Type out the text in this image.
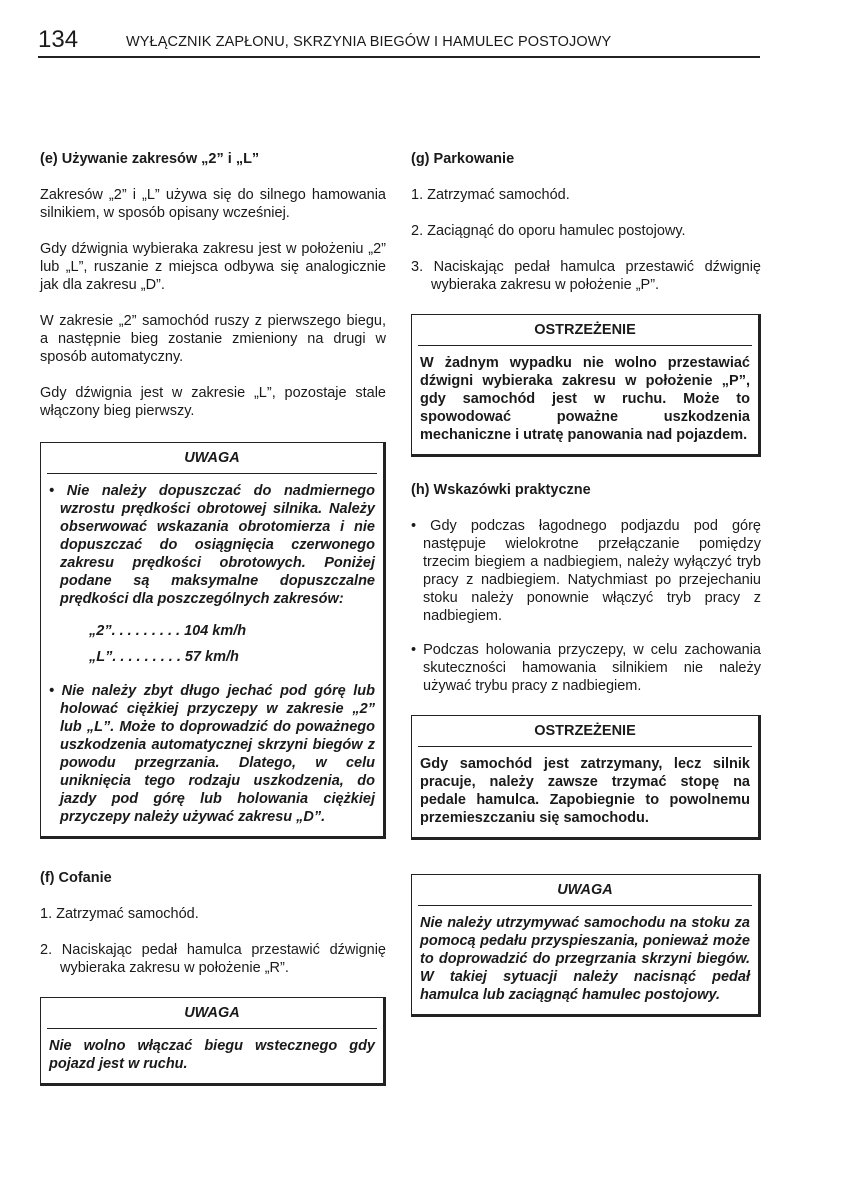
134	WYŁĄCZNIK ZAPŁONU, SKRZYNIA BIEGÓW I HAMULEC POSTOJOWY
(e) Używanie zakresów „2” i „L”
Zakresów „2” i „L” używa się do silnego hamowania silnikiem, w sposób opisany wcześniej.
Gdy dźwignia wybieraka zakresu jest w położeniu „2” lub „L”, ruszanie z miejsca odbywa się analogicznie jak dla zakresu „D”.
W zakresie „2” samochód ruszy z pierwszego biegu, a następnie bieg zostanie zmieniony na drugi w sposób automatyczny.
Gdy dźwignia jest w zakresie „L”, pozostaje stale włączony bieg pierwszy.
UWAGA

• Nie należy dopuszczać do nadmiernego wzrostu prędkości obrotowej silnika. Należy obserwować wskazania obrotomierza i nie dopuszczać do osiągnięcia czerwonego zakresu prędkości obrotowych. Poniżej podane są maksymalne dopuszczalne prędkości dla poszczególnych zakresów:

„2”. . . . . . . . . 104 km/h

„L”. . . . . . . . . 57 km/h

• Nie należy zbyt długo jechać pod górę lub holować ciężkiej przyczepy w zakresie „2” lub „L”. Może to doprowadzić do poważnego uszkodzenia automatycznej skrzyni biegów z powodu przegrzania. Dlatego, w celu uniknięcia tego rodzaju uszkodzenia, do jazdy pod górę lub holowania ciężkiej przyczepy należy używać zakresu „D”.

(f) Cofanie
1. Zatrzymać samochód.
2. Naciskając pedał hamulca przestawić dźwignię wybieraka zakresu w położenie „R”.
UWAGA

Nie wolno włączać biegu wstecznego gdy pojazd jest w ruchu.

(g) Parkowanie
1. Zatrzymać samochód.
2. Zaciągnąć do oporu hamulec postojowy.
3. Naciskając pedał hamulca przestawić dźwignię wybieraka zakresu w położenie „P”.
OSTRZEŻENIE

W żadnym wypadku nie wolno przestawiać dźwigni wybieraka zakresu w położenie „P”, gdy samochód jest w ruchu. Może to spowodować poważne uszkodzenia mechaniczne i utratę panowania nad pojazdem.

(h) Wskazówki praktyczne
• Gdy podczas łagodnego podjazdu pod górę następuje wielokrotne przełączanie pomiędzy trzecim biegiem a nadbiegiem, należy wyłączyć tryb pracy z nadbiegiem. Natychmiast po przejechaniu stoku należy ponownie włączyć tryb pracy z nadbiegiem.
• Podczas holowania przyczepy, w celu zachowania skuteczności hamowania silnikiem nie należy używać trybu pracy z nadbiegiem.
OSTRZEŻENIE

Gdy samochód jest zatrzymany, lecz silnik pracuje, należy zawsze trzymać stopę na pedale hamulca. Zapobiegnie to powolnemu przemieszczaniu się samochodu.

UWAGA

Nie należy utrzymywać samochodu na stoku za pomocą pedału przyspieszania, ponieważ może to doprowadzić do przegrzania skrzyni biegów. W takiej sytuacji należy nacisnąć pedał hamulca lub zaciągnąć hamulec postojowy.
